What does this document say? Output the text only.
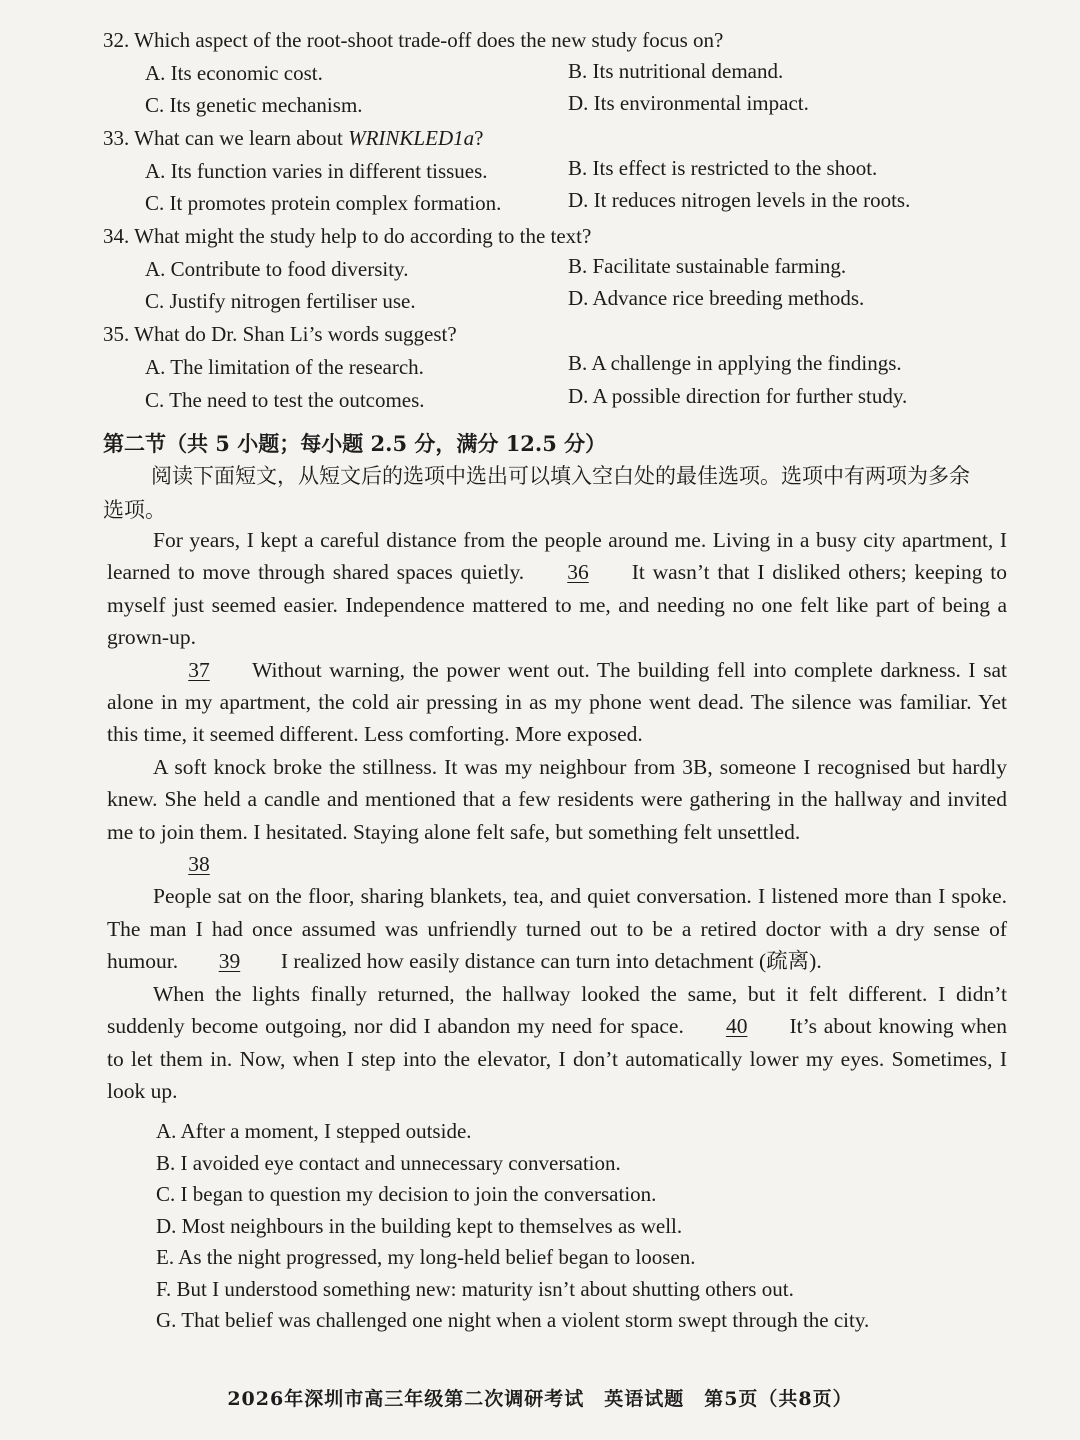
32. Which aspect of the root-shoot trade-off does the new study focus on?
A. Its economic cost.	B. Its nutritional demand.
C. Its genetic mechanism.	D. Its environmental impact.
33. What can we learn about WRINKLED1a?
A. Its function varies in different tissues.	B. Its effect is restricted to the shoot.
C. It promotes protein complex formation.	D. It reduces nitrogen levels in the roots.
34. What might the study help to do according to the text?
A. Contribute to food diversity.	B. Facilitate sustainable farming.
C. Justify nitrogen fertiliser use.	D. Advance rice breeding methods.
35. What do Dr. Shan Li’s words suggest?
A. The limitation of the research.	B. A challenge in applying the findings.
C. The need to test the outcomes.	D. A possible direction for further study.
第二节（共 5 小题；每小题 2.5 分，满分 12.5 分）
阅读下面短文，从短文后的选项中选出可以填入空白处的最佳选项。选项中有两项为多余选项。

For years, I kept a careful distance from the people around me. Living in a busy city apartment, I learned to move through shared spaces quietly. 36 It wasn’t that I disliked others; keeping to myself just seemed easier. Independence mattered to me, and needing no one felt like part of being a grown-up.

37 Without warning, the power went out. The building fell into complete darkness. I sat alone in my apartment, the cold air pressing in as my phone went dead. The silence was familiar. Yet this time, it seemed different. Less comforting. More exposed.

A soft knock broke the stillness. It was my neighbour from 3B, someone I recognised but hardly knew. She held a candle and mentioned that a few residents were gathering in the hallway and invited me to join them. I hesitated. Staying alone felt safe, but something felt unsettled.

38

People sat on the floor, sharing blankets, tea, and quiet conversation. I listened more than I spoke. The man I had once assumed was unfriendly turned out to be a retired doctor with a dry sense of humour. 39 I realized how easily distance can turn into detachment (疏离).

When the lights finally returned, the hallway looked the same, but it felt different. I didn’t suddenly become outgoing, nor did I abandon my need for space. 40 It’s about knowing when to let them in. Now, when I step into the elevator, I don’t automatically lower my eyes. Sometimes, I look up.

A. After a moment, I stepped outside.
B. I avoided eye contact and unnecessary conversation.
C. I began to question my decision to join the conversation.
D. Most neighbours in the building kept to themselves as well.
E. As the night progressed, my long-held belief began to loosen.
F. But I understood something new: maturity isn’t about shutting others out.
G. That belief was challenged one night when a violent storm swept through the city.
2026年深圳市高三年级第二次调研考试　英语试题　第5页（共8页）
